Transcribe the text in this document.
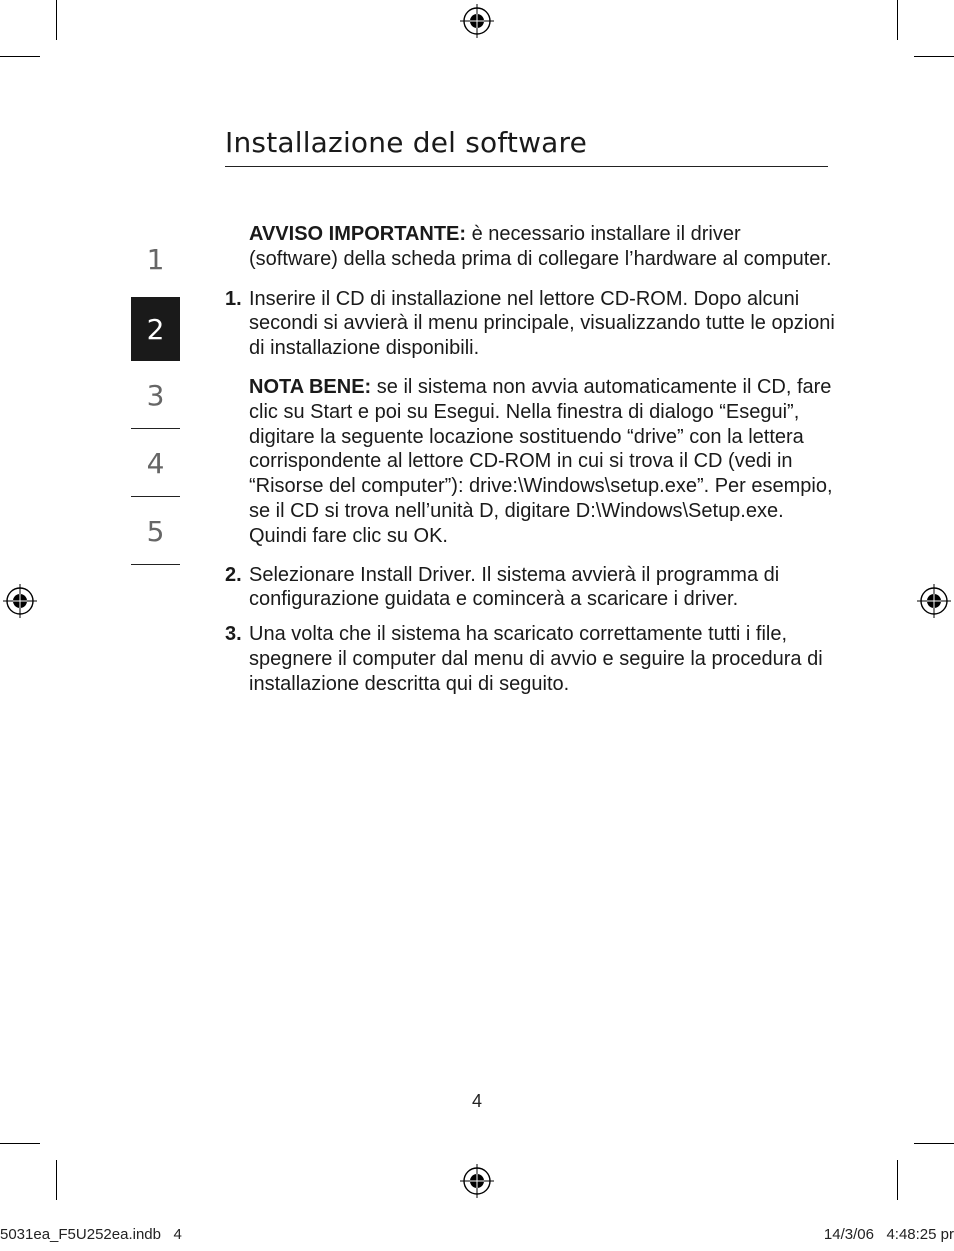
Installazione del software
1
2
3
4
5

AVVISO IMPORTANTE: è necessario installare il driver (software) della scheda prima di collegare l’hardware al computer.

1. Inserire il CD di installazione nel lettore CD-ROM. Dopo alcuni secondi si avvierà il menu principale, visualizzando tutte le opzioni di installazione disponibili.

NOTA BENE: se il sistema non avvia automaticamente il CD, fare clic su Start e poi su Esegui. Nella finestra di dialogo “Esegui”, digitare la seguente locazione sostituendo “drive” con la lettera corrispondente al lettore CD-ROM in cui si trova il CD (vedi in “Risorse del computer”): drive:\Windows\setup.exe”. Per esempio, se il CD si trova nell’unità D, digitare D:\Windows\Setup.exe. Quindi fare clic su OK.

2. Selezionare Install Driver. Il sistema avvierà il programma di configurazione guidata e comincerà a scaricare i driver.

3. Una volta che il sistema ha scaricato correttamente tutti i file, spegnere il computer dal menu di avvio e seguire la procedura di installazione descritta qui di seguito.

4
5031ea_F5U252ea.indb   4	14/3/06   4:48:25 pr
